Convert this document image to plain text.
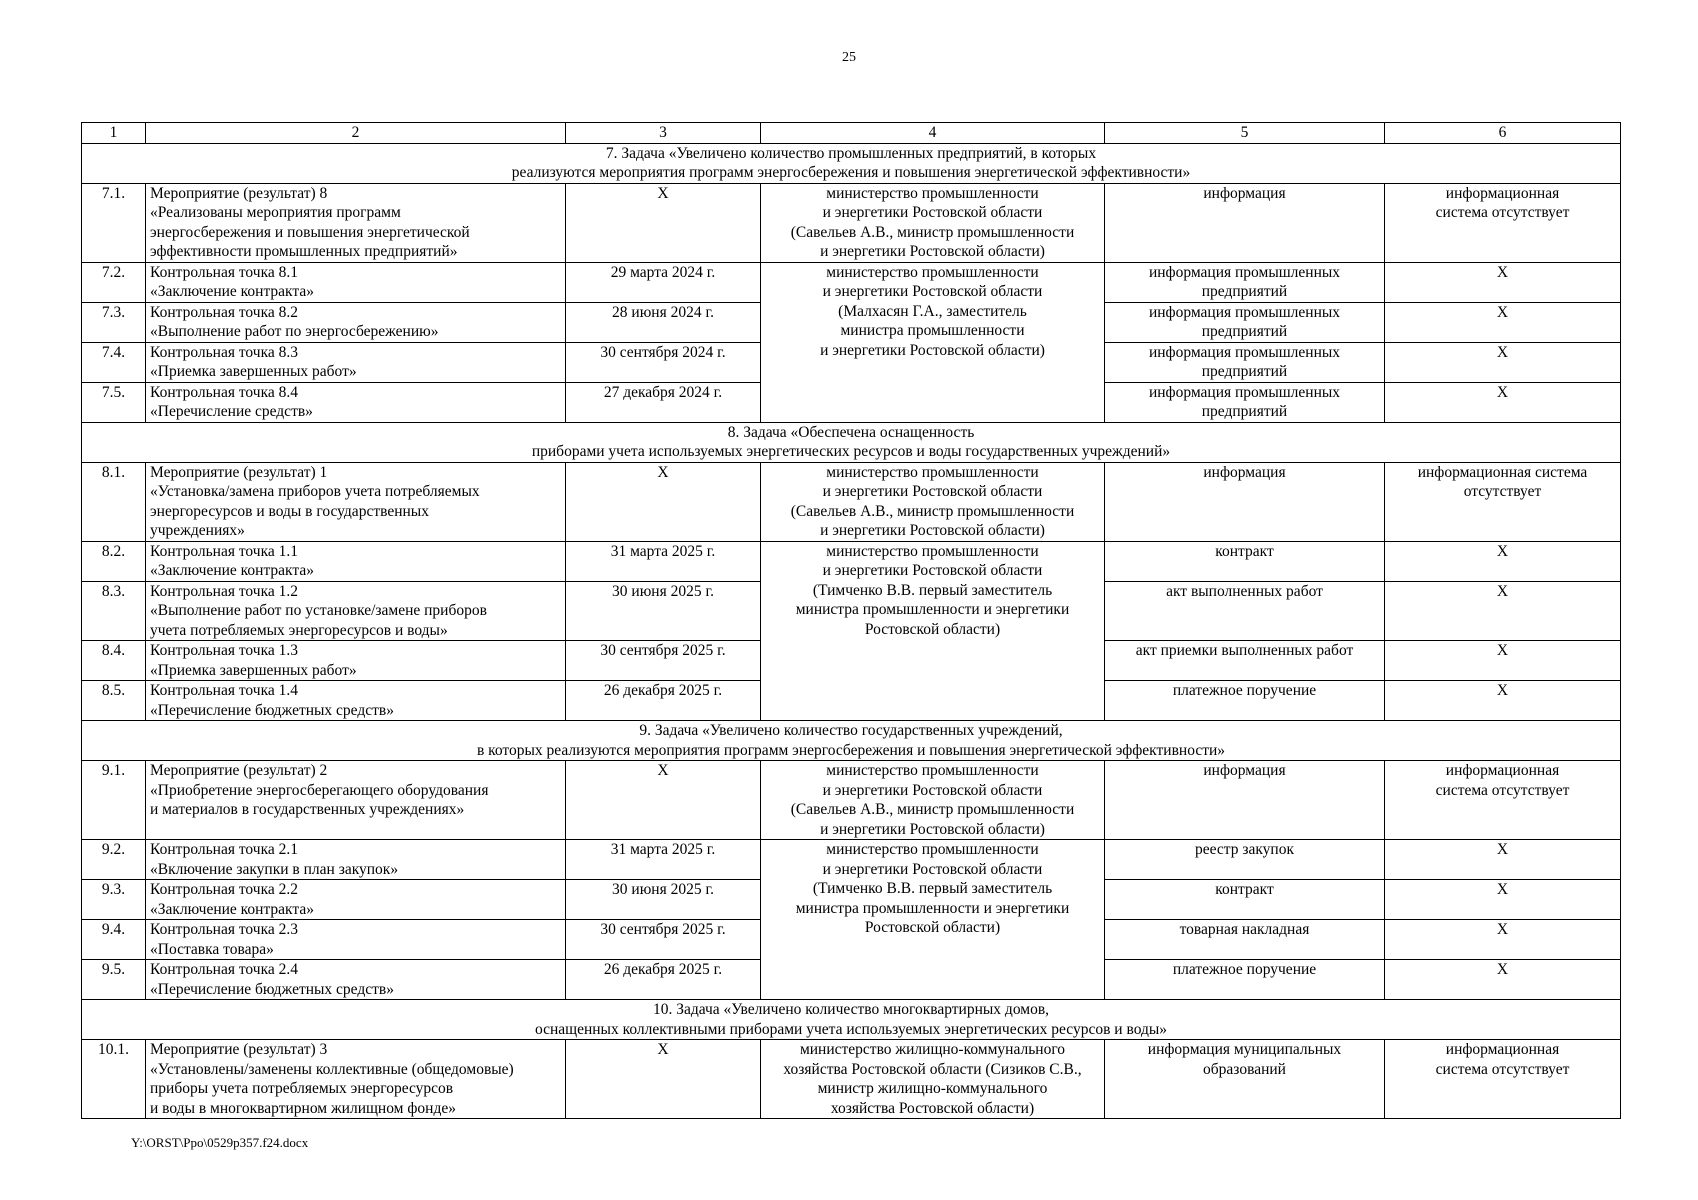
25
1	2	3	4	5	6

7. Задача «Увеличено количество промышленных предприятий, в которых
реализуются мероприятия программ энергосбережения и повышения энергетической эффективности»					

7.1.	Мероприятие (результат) 8
«Реализованы мероприятия программ
энергосбережения и повышения энергетической
эффективности промышленных предприятий»	X	министерство промышленности
и энергетики Ростовской области
(Савельев А.В., министр промышленности
и энергетики Ростовской области)	информация	информационная
система отсутствует

7.2.	Контрольная точка 8.1
«Заключение контракта»	29 марта 2024 г.	министерство промышленности
и энергетики Ростовской области
(Малхасян Г.А., заместитель
министра промышленности
и энергетики Ростовской области)	информация промышленных
предприятий	X
7.3.	Контрольная точка 8.2
«Выполнение работ по энергосбережению»	28 июня 2024 г.		информация промышленных
предприятий	X
7.4.	Контрольная точка 8.3
«Приемка завершенных работ»	30 сентября 2024 г.		информация промышленных
предприятий	X
7.5.	Контрольная точка 8.4
«Перечисление средств»	27 декабря 2024 г.		информация промышленных
предприятий	X

8. Задача «Обеспечена оснащенность
приборами учета используемых энергетических ресурсов и воды государственных учреждений»					

8.1.	Мероприятие (результат) 1
«Установка/замена приборов учета потребляемых
энергоресурсов и воды в государственных
учреждениях»	X	министерство промышленности
и энергетики Ростовской области
(Савельев А.В., министр промышленности
и энергетики Ростовской области)	информация	информационная система
отсутствует

8.2.	Контрольная точка 1.1
«Заключение контракта»	31 марта 2025 г.	министерство промышленности
и энергетики Ростовской области
(Тимченко В.В. первый заместитель
министра промышленности и энергетики
Ростовской области)	контракт	X
8.3.	Контрольная точка 1.2
«Выполнение работ по установке/замене приборов
учета потребляемых энергоресурсов и воды»	30 июня 2025 г.		акт выполненных работ	X
8.4.	Контрольная точка 1.3
«Приемка завершенных работ»	30 сентября 2025 г.		акт приемки выполненных работ	X
8.5.	Контрольная точка 1.4
«Перечисление бюджетных средств»	26 декабря 2025 г.		платежное поручение	X

9. Задача «Увеличено количество государственных учреждений,
в которых реализуются мероприятия программ энергосбережения и повышения энергетической эффективности»					

9.1.	Мероприятие (результат) 2
«Приобретение энергосберегающего оборудования
и материалов в государственных учреждениях»	X	министерство промышленности
и энергетики Ростовской области
(Савельев А.В., министр промышленности
и энергетики Ростовской области)	информация	информационная
система отсутствует

9.2.	Контрольная точка 2.1
«Включение закупки в план закупок»	31 марта 2025 г.	министерство промышленности
и энергетики Ростовской области
(Тимченко В.В. первый заместитель
министра промышленности и энергетики
Ростовской области)	реестр закупок	X
9.3.	Контрольная точка 2.2
«Заключение контракта»	30 июня 2025 г.		контракт	X
9.4.	Контрольная точка 2.3
«Поставка товара»	30 сентября 2025 г.		товарная накладная	X
9.5.	Контрольная точка 2.4
«Перечисление бюджетных средств»	26 декабря 2025 г.		платежное поручение	X

10. Задача «Увеличено количество многоквартирных домов,
оснащенных коллективными приборами учета используемых энергетических ресурсов и воды»					

10.1.	Мероприятие (результат) 3
«Установлены/заменены коллективные (общедомовые)
приборы учета потребляемых энергоресурсов
и воды в многоквартирном жилищном фонде»	X	министерство жилищно-коммунального
хозяйства Ростовской области (Сизиков С.В.,
министр жилищно-коммунального
хозяйства Ростовской области)	информация муниципальных
образований	информационная
система отсутствует
Y:\ORST\Ppo\0529p357.f24.docx
